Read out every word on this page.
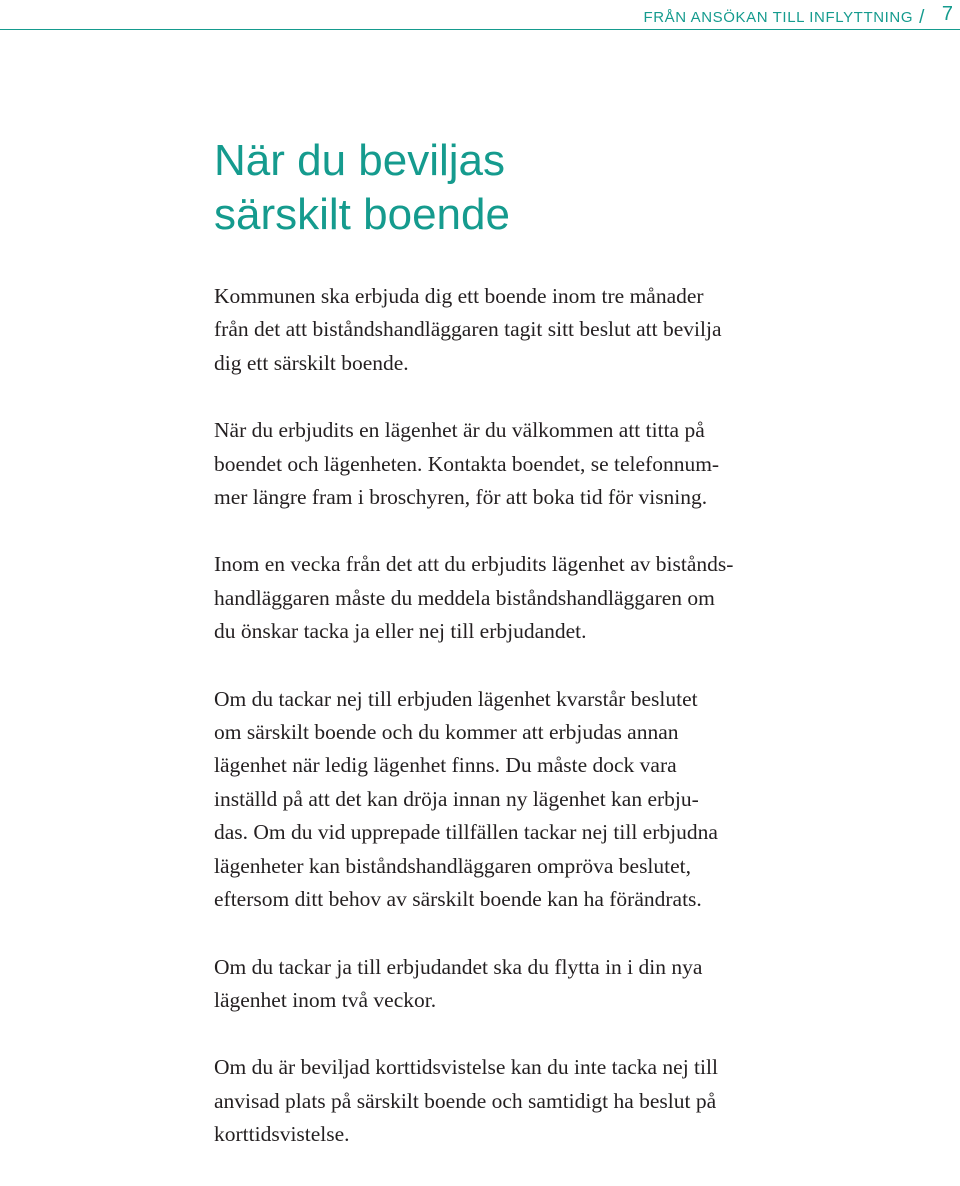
FRÅN ANSÖKAN TILL INFLYTTNING / 7
När du beviljas
särskilt boende

Kommunen ska erbjuda dig ett boende inom tre månader
från det att biståndshandläggaren tagit sitt beslut att bevilja
dig ett särskilt boende.

När du erbjudits en lägenhet är du välkommen att titta på
boendet och lägenheten. Kontakta boendet, se telefonnum-
mer längre fram i broschyren, för att boka tid för visning.

Inom en vecka från det att du erbjudits lägenhet av bistånds-
handläggaren måste du meddela biståndshandläggaren om
du önskar tacka ja eller nej till erbjudandet.

Om du tackar nej till erbjuden lägenhet kvarstår beslutet
om särskilt boende och du kommer att erbjudas annan
lägenhet när ledig lägenhet finns. Du måste dock vara
inställd på att det kan dröja innan ny lägenhet kan erbju-
das. Om du vid upprepade tillfällen tackar nej till erbjudna
lägenheter kan biståndshandläggaren ompröva beslutet,
eftersom ditt behov av särskilt boende kan ha förändrats.

Om du tackar ja till erbjudandet ska du flytta in i din nya
lägenhet inom två veckor.

Om du är beviljad korttidsvistelse kan du inte tacka nej till
anvisad plats på särskilt boende och samtidigt ha beslut på
korttidsvistelse.
